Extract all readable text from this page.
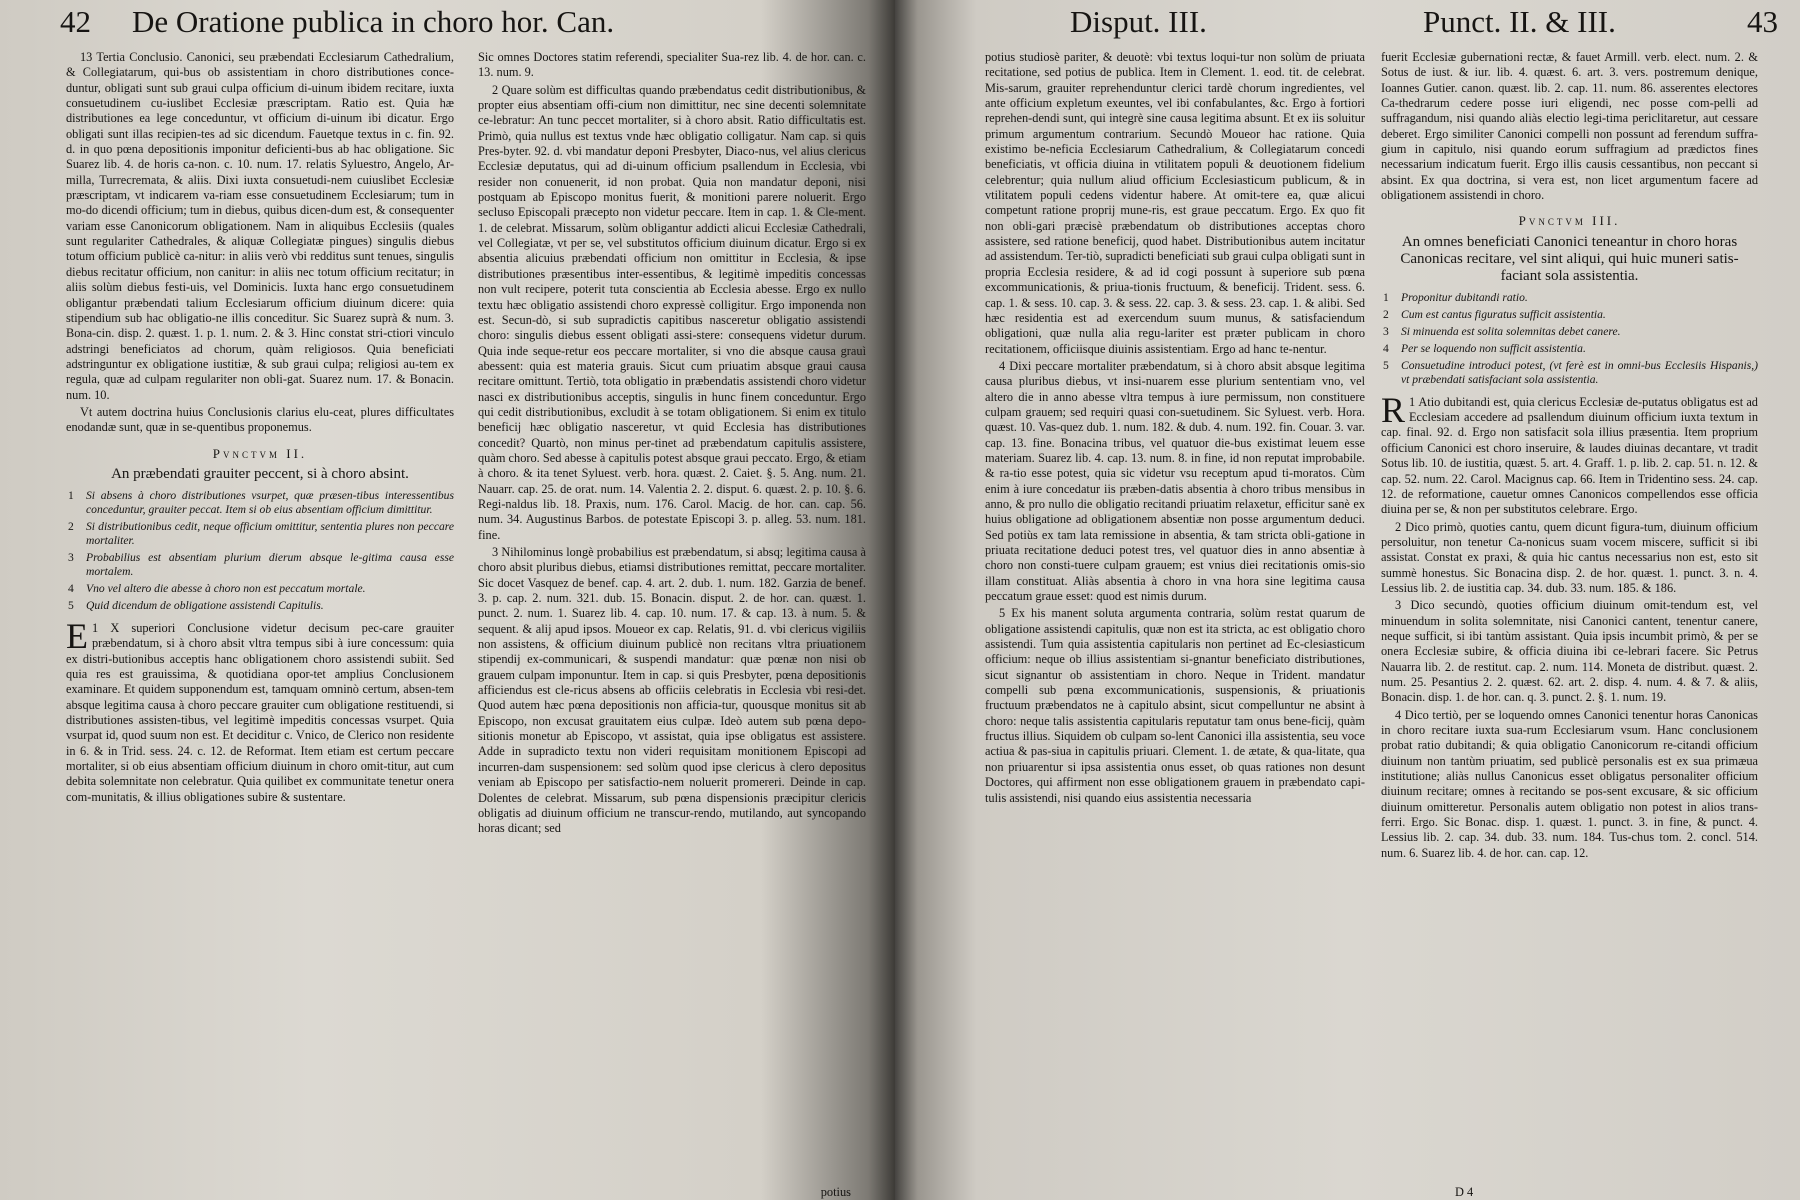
42 De Oratione publica in choro hor. Can.

13 Tertia Conclusio. Canonici, seu præbendati Ecclesiarum Cathedralium, & Collegiatarum, qui-bus ob assistentiam in choro distributiones conce-duntur, obligati sunt sub graui culpa officium di-uinum ibidem recitare, iuxta consuetudinem cu-iuslibet Ecclesiæ præscriptam. Ratio est. Quia hæ distributiones ea lege conceduntur, vt officium di-uinum ibi dicatur. Ergo obligati sunt illas recipien-tes ad sic dicendum. Fauetque textus in c. fin. 92. d. in quo pœna depositionis imponitur deficienti-bus ab hac obligatione. Sic Suarez lib. 4. de horis ca-non. c. 10. num. 17. relatis Syluestro, Angelo, Ar-milla, Turrecremata, & aliis. Dixi iuxta consuetudi-nem cuiuslibet Ecclesiæ præscriptam, vt indicarem va-riam esse consuetudinem Ecclesiarum; tum in mo-do dicendi officium; tum in diebus, quibus dicen-dum est, & consequenter variam esse Canonicorum obligationem. Nam in aliquibus Ecclesiis (quales sunt regulariter Cathedrales, & aliquæ Collegiatæ pingues) singulis diebus totum officium publicè ca-nitur: in aliis verò vbi redditus sunt tenues, singulis diebus recitatur officium, non canitur: in aliis nec totum officium recitatur; in aliis solùm diebus festi-uis, vel Dominicis. Iuxta hanc ergo consuetudinem obligantur præbendati talium Ecclesiarum officium diuinum dicere: quia stipendium sub hac obligatio-ne illis conceditur. Sic Suarez suprà & num. 3. Bona-cin. disp. 2. quæst. 1. p. 1. num. 2. & 3. Hinc constat stri-ctiori vinculo adstringi beneficiatos ad chorum, quàm religiosos. Quia beneficiati adstringuntur ex obligatione iustitiæ, & sub graui culpa; religiosi au-tem ex regula, quæ ad culpam regulariter non obli-gat. Suarez num. 17. & Bonacin. num. 10.

Vt autem doctrina huius Conclusionis clarius elu-ceat, plures difficultates enodandæ sunt, quæ in se-quentibus proponemus.

Pvnctvm II.

An præbendati grauiter peccent, si à choro absint.

1 Si absens à choro distributiones vsurpet, quæ præsen-tibus interessentibus conceduntur, grauiter peccat. Item si ob eius absentiam officium dimittitur.

2 Si distributionibus cedit, neque officium omittitur, sententia plures non peccare mortaliter.

3 Probabilius est absentiam plurium dierum absque le-gitima causa esse mortalem.

4 Vno vel altero die abesse à choro non est peccatum mortale.

5 Quid dicendum de obligatione assistendi Capitulis.

1
E X superiori Conclusione videtur decisum pec-care grauiter præbendatum, si à choro absit vltra tempus sibi à iure concessum: quia ex distri-butionibus acceptis hanc obligationem choro assistendi subiit. Sed quia res est grauissima, & quotidiana opor-tet amplius Conclusionem examinare. Et quidem supponendum est, tamquam omninò certum, absen-tem absque legitima causa à choro peccare grauiter cum obligatione restituendi, si distributiones assisten-tibus, vel legitimè impeditis concessas vsurpet. Quia vsurpat id, quod suum non est. Et deciditur c. Vnico, de Clerico non residente in 6. & in Trid. sess. 24. c. 12. de Reformat. Item etiam est certum peccare mortaliter, si ob eius absentiam officium diuinum in choro omit-titur, aut cum debita solemnitate non celebratur. Quia quilibet ex communitate tenetur onera com-munitatis, & illius obligationes subire & sustentare.

Sic omnes Doctores statim referendi, specialiter Sua-rez lib. 4. de hor. can. c. 13. num. 9.

2 Quare solùm est difficultas quando præbendatus cedit distributionibus, & propter eius absentiam offi-cium non dimittitur, nec sine decenti solemnitate ce-lebratur: An tunc peccet mortaliter, si à choro absit. Ratio difficultatis est. Primò, quia nullus est textus vnde hæc obligatio colligatur. Nam cap. si quis Pres-byter. 92. d. vbi mandatur deponi Presbyter, Diaco-nus, vel alius clericus Ecclesiæ deputatus, qui ad di-uinum officium psallendum in Ecclesia, vbi resider non conuenerit, id non probat. Quia non mandatur deponi, nisi postquam ab Episcopo monitus fuerit, & monitioni parere noluerit. Ergo secluso Episcopali præcepto non videtur peccare. Item in cap. 1. & Cle-ment. 1. de celebrat. Missarum, solùm obligantur addicti alicui Ecclesiæ Cathedrali, vel Collegiatæ, vt per se, vel substitutos officium diuinum dicatur. Ergo si ex absentia alicuius præbendati officium non omittitur in Ecclesia, & ipse distributiones præsentibus inter-essentibus, & legitimè impeditis concessas non vult recipere, poterit tuta conscientia ab Ecclesia abesse. Ergo ex nullo textu hæc obligatio assistendi choro expressè colligitur. Ergo imponenda non est. Secun-dò, si sub supradictis capitibus nasceretur obligatio assistendi choro: singulis diebus essent obligati assi-stere: consequens videtur durum. Quia inde seque-retur eos peccare mortaliter, si vno die absque causa grauì abessent: quia est materia grauis. Sicut cum priuatim absque graui causa recitare omittunt. Tertiò, tota obligatio in præbendatis assistendi choro videtur nasci ex distributionibus acceptis, singulis in hunc finem conceduntur. Ergo qui cedit distributionibus, excludit à se totam obligationem. Si enim ex titulo beneficij hæc obligatio nasceretur, vt quid Ecclesia has distributiones concedit? Quartò, non minus per-tinet ad præbendatum capitulis assistere, quàm choro. Sed abesse à capitulis potest absque graui peccato. Ergo, & etiam à choro. & ita tenet Syluest. verb. hora. quæst. 2. Caiet. §. 5. Ang. num. 21. Nauarr. cap. 25. de orat. num. 14. Valentia 2. 2. disput. 6. quæst. 2. p. 10. §. 6. Regi-naldus lib. 18. Praxis, num. 176. Carol. Macig. de hor. can. cap. 56. num. 34. Augustinus Barbos. de potestate Episcopi 3. p. alleg. 53. num. 181. fine.

3 Nihilominus longè probabilius est præbendatum, si absq; legitima causa à choro absit pluribus diebus, etiamsi distributiones remittat, peccare mortaliter. Sic docet Vasquez de benef. cap. 4. art. 2. dub. 1. num. 182. Garzia de benef. 3. p. cap. 2. num. 321. dub. 15. Bonacin. disput. 2. de hor. can. quæst. 1. punct. 2. num. 1. Suarez lib. 4. cap. 10. num. 17. & cap. 13. à num. 5. & sequent. & alij apud ipsos. Moueor ex cap. Relatis, 91. d. vbi clericus vigiliis non assistens, & officium diuinum publicè non recitans vltra priuationem stipendij ex-communicari, & suspendi mandatur: quæ pœnæ non nisi ob grauem culpam imponuntur. Item in cap. si quis Presbyter, pœna depositionis afficiendus est cle-ricus absens ab officiis celebratis in Ecclesia vbi resi-det. Quod autem hæc pœna depositionis non afficia-tur, quousque monitus sit ab Episcopo, non excusat grauitatem eius culpæ. Ideò autem sub pœna depo-sitionis monetur ab Episcopo, vt assistat, quia ipse obligatus est assistere. Adde in supradicto textu non videri requisitam monitionem Episcopi ad incurren-dam suspensionem: sed solùm quod ipse clericus à clero depositus veniam ab Episcopo per satisfactio-nem noluerit promereri. Deinde in cap. Dolentes de celebrat. Missarum, sub pœna dispensionis præcipitur clericis obligatis ad diuinum officium ne transcur-rendo, mutilando, aut syncopando horas dicant; sed

potius
Disput. III.	Punct. II. & III.	43

potius studiosè pariter, & deuotè: vbi textus loqui-tur non solùm de priuata recitatione, sed potius de publica. Item in Clement. 1. eod. tit. de celebrat. Mis-sarum, grauiter reprehenduntur clerici tardè chorum ingredientes, vel ante officium expletum exeuntes, vel ibi confabulantes, &c. Ergo à fortiori reprehen-dendi sunt, qui integrè sine causa legitima absunt. Et ex iis soluitur primum argumentum contrarium. Secundò Moueor hac ratione. Quia existimo be-neficia Ecclesiarum Cathedralium, & Collegiatarum concedi beneficiatis, vt officia diuina in vtilitatem populi & deuotionem fidelium celebrentur; quia nullum aliud officium Ecclesiasticum publicum, & in vtilitatem populi cedens videntur habere. At omit-tere ea, quæ alicui competunt ratione proprij mune-ris, est graue peccatum. Ergo. Ex quo fit non obli-gari præcisè præbendatum ob distributiones acceptas choro assistere, sed ratione beneficij, quod habet. Distributionibus autem incitatur ad assistendum. Ter-tiò, supradicti beneficiati sub graui culpa obligati sunt in propria Ecclesia residere, & ad id cogi possunt à superiore sub pœna excommunicationis, & priua-tionis fructuum, & beneficij. Trident. sess. 6. cap. 1. & sess. 10. cap. 3. & sess. 22. cap. 3. & sess. 23. cap. 1. & alibi. Sed hæc residentia est ad exercendum suum munus, & satisfaciendum obligationi, quæ nulla alia regu-lariter est præter publicam in choro recitationem, officiisque diuinis assistentiam. Ergo ad hanc te-nentur.

4 Dixi peccare mortaliter præbendatum, si à choro absit absque legitima causa pluribus diebus, vt insi-nuarem esse plurium sententiam vno, vel altero die in anno abesse vltra tempus à iure permissum, non constituere culpam grauem; sed requiri quasi con-suetudinem. Sic Syluest. verb. Hora. quæst. 10. Vas-quez dub. 1. num. 182. & dub. 4. num. 192. fin. Couar. 3. var. cap. 13. fine. Bonacina tribus, vel quatuor die-bus existimat leuem esse materiam. Suarez lib. 4. cap. 13. num. 8. in fine, id non reputat improbabile. & ra-tio esse potest, quia sic videtur vsu receptum apud ti-moratos. Cùm enim à iure concedatur iis præben-datis absentia à choro tribus mensibus in anno, & pro nullo die obligatio recitandi priuatim relaxetur, efficitur sanè ex huius obligatione ad obligationem absentiæ non posse argumentum deduci. Sed potiùs ex tam lata remissione in absentia, & tam stricta obli-gatione in priuata recitatione deduci potest tres, vel quatuor dies in anno absentiæ à choro non consti-tuere culpam grauem; est vnius diei recitationis omis-sio illam constituat. Aliàs absentia à choro in vna hora sine legitima causa peccatum graue esset: quod est nimis durum.

5 Ex his manent soluta argumenta contraria, solùm restat quarum de obligatione assistendi capitulis, quæ non est ita stricta, ac est obligatio choro assistendi. Tum quia assistentia capitularis non pertinet ad Ec-clesiasticum officium: neque ob illius assistentiam si-gnantur beneficiato distributiones, sicut signantur ob assistentiam in choro. Neque in Trident. mandatur compelli sub pœna excommunicationis, suspensionis, & priuationis fructuum præbendatos ne à capitulo absint, sicut compelluntur ne absint à choro: neque talis assistentia capitularis reputatur tam onus bene-ficij, quàm fructus illius. Siquidem ob culpam so-lent Canonici illa assistentia, seu voce actiua & pas-siua in capitulis priuari. Clement. 1. de ætate, & qua-litate, qua non priuarentur si ipsa assistentia onus esset, ob quas rationes non desunt Doctores, qui affirment non esse obligationem grauem in præbendato capi-tulis assistendi, nisi quando eius assistentia necessaria

fuerit Ecclesiæ gubernationi rectæ, & fauet Armill. verb. elect. num. 2. & Sotus de iust. & iur. lib. 4. quæst. 6. art. 3. vers. postremum denique, Ioannes Gutier. canon. quæst. lib. 2. cap. 11. num. 86. asserentes electores Ca-thedrarum cedere posse iuri eligendi, nec posse com-pelli ad suffragandum, nisi quando aliàs electio legi-tima periclitaretur, aut cessare deberet. Ergo similiter Canonici compelli non possunt ad ferendum suffra-gium in capitulo, nisi quando eorum suffragium ad prædictos fines necessarium indicatum fuerit. Ergo illis causis cessantibus, non peccant si absint. Ex qua doctrina, si vera est, non licet argumentum facere ad obligationem assistendi in choro.

Pvnctvm III.

An omnes beneficiati Canonici teneantur in choro horas Canonicas recitare, vel sint aliqui, qui huic muneri satis-faciant sola assistentia.

1 Proponitur dubitandi ratio.

2 Cum est cantus figuratus sufficit assistentia.

3 Si minuenda est solita solemnitas debet canere.

4 Per se loquendo non sufficit assistentia.

5 Consuetudine introduci potest, (vt ferè est in omni-bus Ecclesiis Hispanis,) vt præbendati satisfaciant sola assistentia.

1
R Atio dubitandi est, quia clericus Ecclesiæ de-putatus obligatus est ad Ecclesiam accedere ad psallendum diuinum officium iuxta textum in cap. final. 92. d. Ergo non satisfacit sola illius præsentia. Item proprium officium Canonici est choro inseruire, & laudes diuinas decantare, vt tradit Sotus lib. 10. de iustitia, quæst. 5. art. 4. Graff. 1. p. lib. 2. cap. 51. n. 12. & cap. 52. num. 22. Carol. Macignus cap. 66. Item in Tridentino sess. 24. cap. 12. de reformatione, cauetur omnes Canonicos compellendos esse officia diuina per se, & non per substitutos celebrare. Ergo.

2 Dico primò, quoties cantu, quem dicunt figura-tum, diuinum officium persoluitur, non tenetur Ca-nonicus suam vocem miscere, sufficit si ibi assistat. Constat ex praxi, & quia hic cantus necessarius non est, esto sit summè honestus. Sic Bonacina disp. 2. de hor. quæst. 1. punct. 3. n. 4. Lessius lib. 2. de iustitia cap. 34. dub. 33. num. 185. & 186.

3 Dico secundò, quoties officium diuinum omit-tendum est, vel minuendum in solita solemnitate, nisi Canonici cantent, tenentur canere, neque sufficit, si ibi tantùm assistant. Quia ipsis incumbit primò, & per se onera Ecclesiæ subire, & officia diuina ibi ce-lebrari facere. Sic Petrus Nauarra lib. 2. de restitut. cap. 2. num. 114. Moneta de distribut. quæst. 2. num. 25. Pesantius 2. 2. quæst. 62. art. 2. disp. 4. num. 4. & 7. & aliis, Bonacin. disp. 1. de hor. can. q. 3. punct. 2. §. 1. num. 19.

4 Dico tertiò, per se loquendo omnes Canonici tenentur horas Canonicas in choro recitare iuxta sua-rum Ecclesiarum vsum. Hanc conclusionem probat ratio dubitandi; & quia obligatio Canonicorum re-citandi officium diuinum non tantùm priuatim, sed publicè personalis est ex sua primæua institutione; aliàs nullus Canonicus esset obligatus personaliter officium diuinum recitare; omnes à recitando se pos-sent excusare, & sic officium diuinum omitteretur. Personalis autem obligatio non potest in alios trans-ferri. Ergo. Sic Bonac. disp. 1. quæst. 1. punct. 3. in fine, & punct. 4. Lessius lib. 2. cap. 34. dub. 33. num. 184. Tus-chus tom. 2. concl. 514. num. 6. Suarez lib. 4. de hor. can. cap. 12.

D 4
